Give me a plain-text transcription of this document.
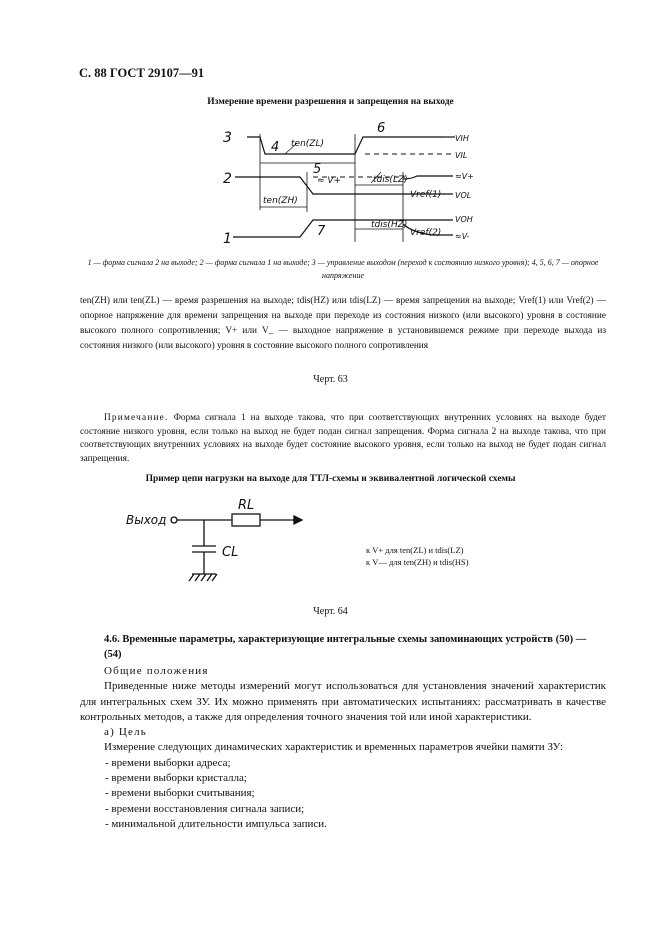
С. 88 ГОСТ 29107—91
Измерение времени разрешения и запрещения на выходе
3
2
1
4
5
6
7
ten(ZL)
ten(ZH)
tdis(LZ)
tdis(HZ)
Vref(1)
Vref(2)
≈ V+
VIH
VIL
≈V+
VOL
VOH
≈V-
1 — форма сигнала 2 на выходе; 2 — форма сигнала 1 на выходе; 3 — управление выходом (переход к состоянию низкого уровня); 4, 5, 6, 7 — опорное напряжение

ten(ZH) или ten(ZL) — время разрешения на выходе; tdis(HZ) или tdis(LZ) — время запрещения на выходе; Vref(1) или Vref(2) — опорное напряжение для времени запрещения на выходе при переходе из состояния низкого (или высокого) уровня в состояние высокого полного сопротивления; V+ или V_ — выходное напряжение в установившемся режиме при переходе выхода из состояния низкого (или высокого) уровня в состояние высокого полного сопротивления

Черт. 63
Примечание. Форма сигнала 1 на выходе такова, что при соответствующих внутренних условиях на выходе будет состояние низкого уровня, если только на выход не будет подан сигнал запрещения. Форма сигнала 2 на выходе такова, что при соответствующих внутренних условиях на выходе будет состояние высокого уровня, если только на выход не будет подан сигнал запрещения.
Пример цепи нагрузки на выходе для ТТЛ-схемы и эквивалентной логической схемы
Выход
RL
CL	к V+ для ten(ZL) и tdis(LZ)
к V— для ten(ZH) и tdis(HS)
Черт. 64
4.6. Временные параметры, характеризующие интегральные схемы запоминающих устройств (50) — (54)

Общие положения

Приведенные ниже методы измерений могут использоваться для установления значений характеристик для интегральных схем ЗУ. Их можно применять при автоматических испытаниях: рассматривать в качестве контрольных методов, а также для определения точного значения той или иной характеристики.

а) Цель

Измерение следующих динамических характеристик и временных параметров ячейки памяти ЗУ:

- времени выборки адреса;
- времени выборки кристалла;
- времени выборки считывания;
- времени восстановления сигнала записи;
- минимальной длительности импульса записи.
